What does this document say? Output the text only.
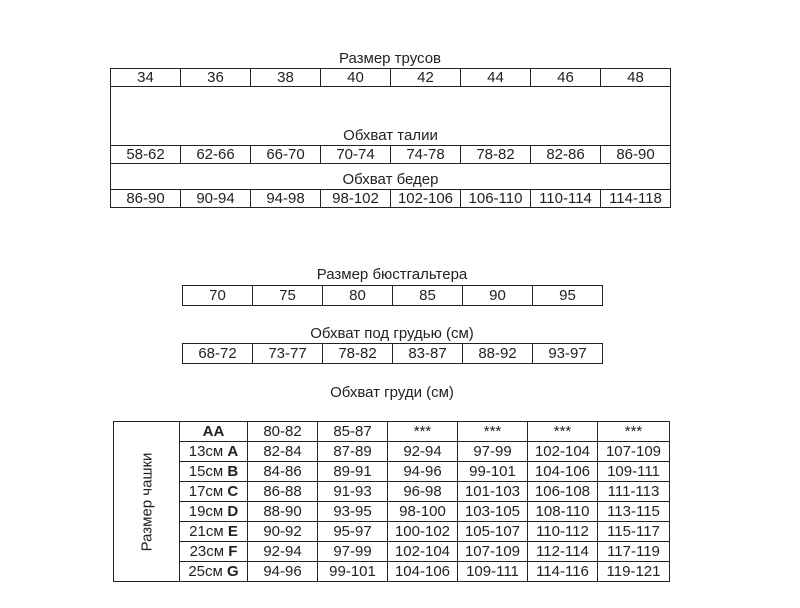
Размер трусов
34	36	38	40	42	44	46	48

Обхват талии							
58-62	62-66	66-70	70-74	74-78	78-82	82-86	86-90
Обхват бедер							
86-90	90-94	94-98	98-102	102-106	106-110	110-114	114-118
Размер бюстгальтера
70	75	80	85	90	95
Обхват под грудью (см)
68-72	73-77	78-82	83-87	88-92	93-97
Обхват груди (см)
Размер чашки	AA	80-82	85-87	***	***	***	***
	13см A	82-84	87-89	92-94	97-99	102-104	107-109
	15см B	84-86	89-91	94-96	99-101	104-106	109-111
	17см C	86-88	91-93	96-98	101-103	106-108	111-113
	19см D	88-90	93-95	98-100	103-105	108-110	113-115
	21см E	90-92	95-97	100-102	105-107	110-112	115-117
	23см F	92-94	97-99	102-104	107-109	112-114	117-119
	25см G	94-96	99-101	104-106	109-111	114-116	119-121
